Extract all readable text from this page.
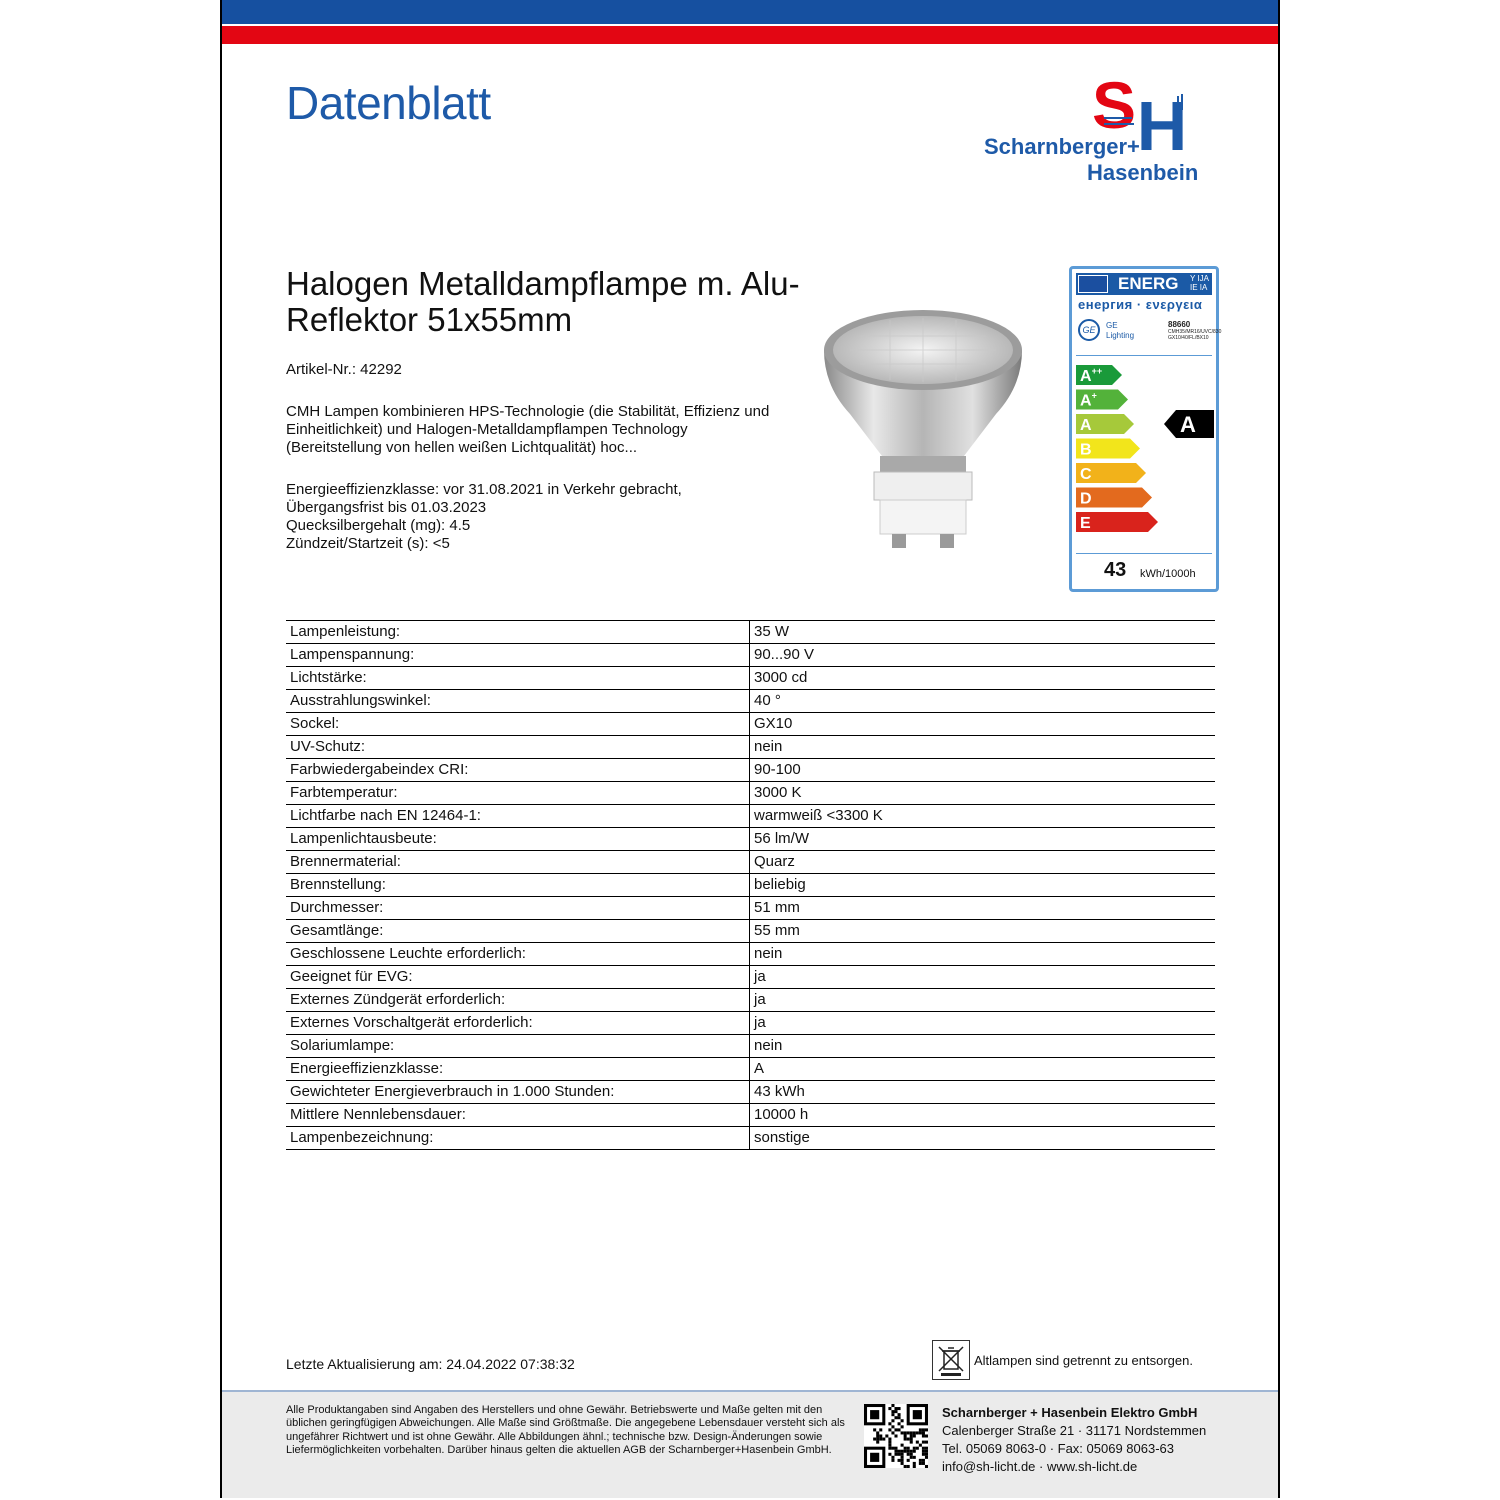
Datenblatt	S H
Scharnberger+
Hasenbein
Halogen Metalldampflampe m. Alu-Reflektor 51x55mm
Artikel-Nr.: 42292
CMH Lampen kombinieren HPS-Technologie (die Stabilität, Effizienz und Einheitlichkeit) und Halogen-Metalldampflampen Technology (Bereitstellung von hellen weißen Lichtqualität) hoc...
Energieeffizienzklasse: vor 31.08.2021 in Verkehr gebracht, Übergangsfrist bis 01.03.2023
Quecksilbergehalt (mg): 4.5
Zündzeit/Startzeit (s): <5
ENERG Y IJA
IE IA
енергия · ενεργεια
GE	GE
Lighting
88660
CMH35/MR16/UVC/830
GX10/40/FL/BX10
A++
A+
A
B
C
D
E
A
43 kWh/1000h
Lampenleistung:	35 W
Lampenspannung:	90...90 V
Lichtstärke:	3000 cd
Ausstrahlungswinkel:	40 °
Sockel:	GX10
UV-Schutz:	nein
Farbwiedergabeindex CRI:	90-100
Farbtemperatur:	3000 K
Lichtfarbe nach EN 12464-1:	warmweiß <3300 K
Lampenlichtausbeute:	56 lm/W
Brennermaterial:	Quarz
Brennstellung:	beliebig
Durchmesser:	51 mm
Gesamtlänge:	55 mm
Geschlossene Leuchte erforderlich:	nein
Geeignet für EVG:	ja
Externes Zündgerät erforderlich:	ja
Externes Vorschaltgerät erforderlich:	ja
Solariumlampe:	nein
Energieeffizienzklasse:	A
Gewichteter Energieverbrauch in 1.000 Stunden:	43 kWh
Mittlere Nennlebensdauer:	10000 h
Lampenbezeichnung:	sonstige
Letzte Aktualisierung am: 24.04.2022 07:38:32	Altlampen sind getrennt zu entsorgen.
Alle Produktangaben sind Angaben des Herstellers und ohne Gewähr. Betriebswerte und Maße gelten mit den üblichen geringfügigen Abweichungen. Alle Maße sind Größtmaße. Die angegebene Lebensdauer versteht sich als ungefährer Richtwert und ist ohne Gewähr. Alle Abbildungen ähnl.; technische bzw. Design-Änderungen sowie Liefermöglichkeiten vorbehalten. Darüber hinaus gelten die aktuellen AGB der Scharnberger+Hasenbein GmbH.
Scharnberger + Hasenbein Elektro GmbH
Calenberger Straße 21 · 31171 Nordstemmen
Tel. 05069 8063-0 · Fax: 05069 8063-63
info@sh-licht.de · www.sh-licht.de
